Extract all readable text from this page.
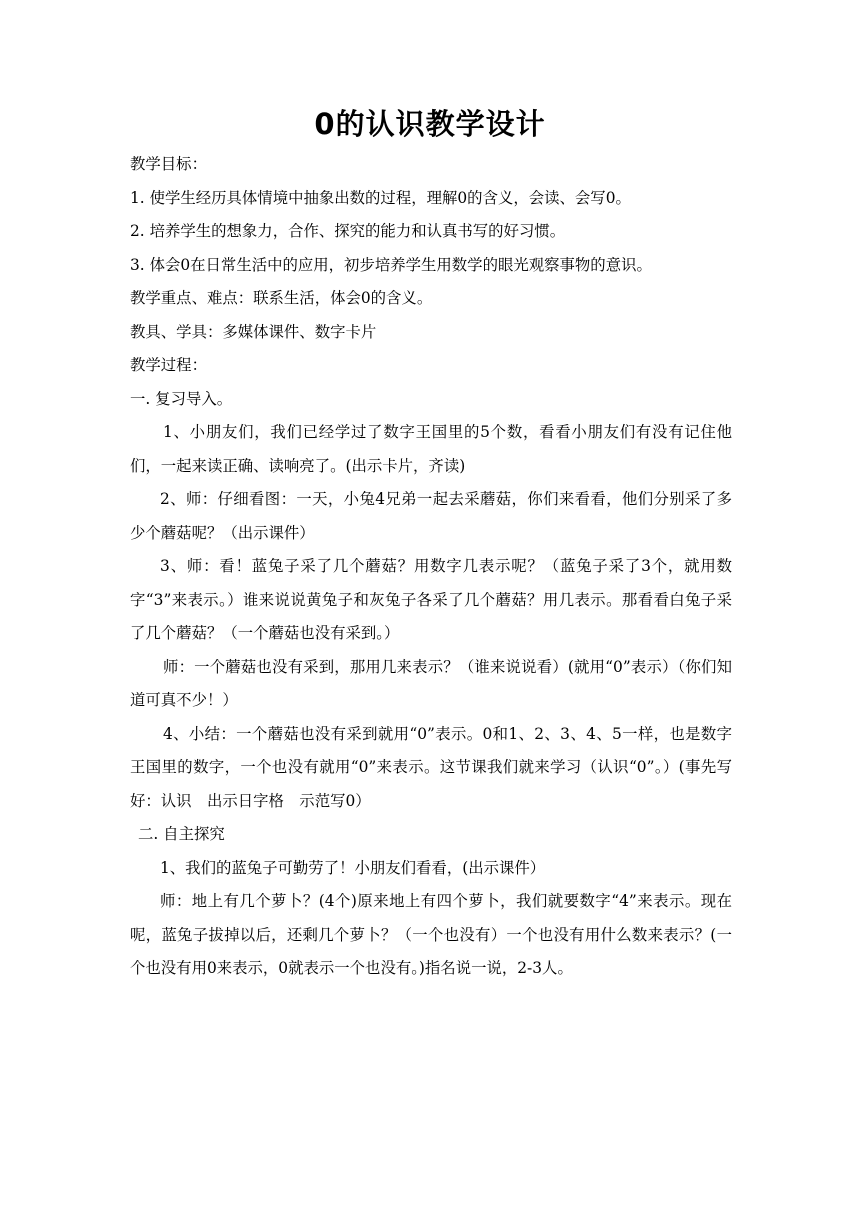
0的认识教学设计
教学目标：
1. 使学生经历具体情境中抽象出数的过程，理解0的含义，会读、会写0。
2. 培养学生的想象力，合作、探究的能力和认真书写的好习惯。
3. 体会0在日常生活中的应用，初步培养学生用数学的眼光观察事物的意识。
教学重点、难点：联系生活，体会0的含义。
教具、学具：多媒体课件、数字卡片
教学过程：
一. 复习导入。
1、小朋友们，我们已经学过了数字王国里的5个数，看看小朋友们有没有记住他们，一起来读正确、读响亮了。(出示卡片，齐读)
2、师：仔细看图：一天，小兔4兄弟一起去采蘑菇，你们来看看，他们分别采了多少个蘑菇呢？（出示课件）
3、师：看！蓝兔子采了几个蘑菇？用数字几表示呢？（蓝兔子采了3个，就用数字“3”来表示。）谁来说说黄兔子和灰兔子各采了几个蘑菇？用几表示。那看看白兔子采了几个蘑菇？（一个蘑菇也没有采到。）
师：一个蘑菇也没有采到，那用几来表示？（谁来说说看）(就用“0”表示）（你们知道可真不少！）
4、小结：一个蘑菇也没有采到就用“0”表示。0和1、2、3、4、5一样，也是数字王国里的数字，一个也没有就用“0”来表示。这节课我们就来学习（认识“0”。）(事先写好：认识　出示日字格　示范写0）
二. 自主探究
1、我们的蓝兔子可勤劳了！小朋友们看看，(出示课件）
师：地上有几个萝卜？(4个)原来地上有四个萝卜，我们就要数字“4”来表示。现在呢，蓝兔子拔掉以后，还剩几个萝卜？（一个也没有）一个也没有用什么数来表示？(一个也没有用0来表示，0就表示一个也没有。)指名说一说，2-3人。
